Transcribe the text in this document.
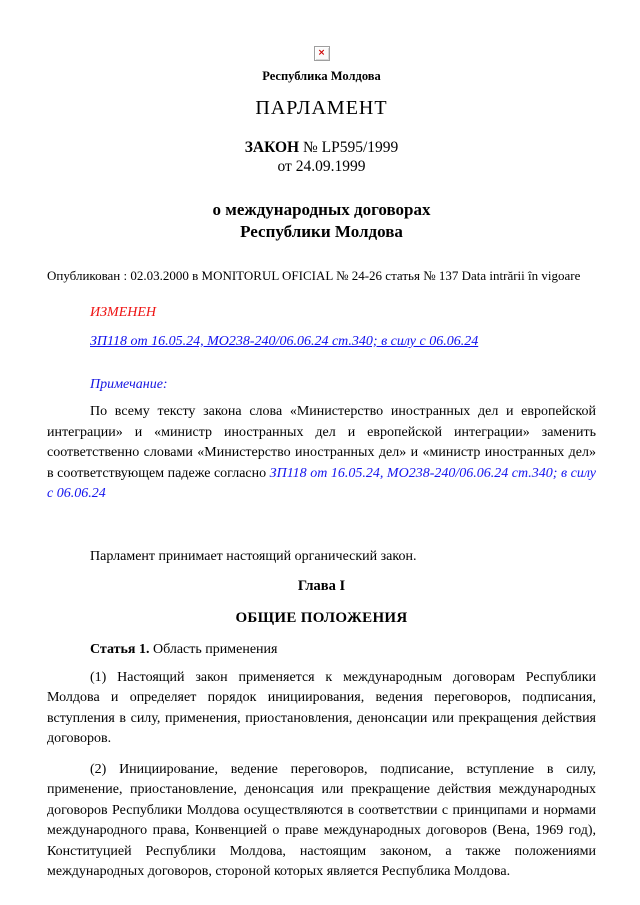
×
Республика Молдова
ПАРЛАМЕНТ
ЗАКОН № LP595/1999
от 24.09.1999
о международных договорах
Республики Молдова
Опубликован : 02.03.2000 в MONITORUL OFICIAL № 24-26 статья № 137 Data intrării în vigoare
ИЗМЕНЕН
ЗП118 от 16.05.24, MO238-240/06.06.24 ст.340; в силу с 06.06.24
Примечание:
По всему тексту закона слова «Министерство иностранных дел и европейской интеграции» и «министр иностранных дел и европейской интеграции» заменить соответственно словами «Министерство иностранных дел» и «министр иностранных дел» в соответствующем падеже согласно ЗП118 от 16.05.24, MO238-240/06.06.24 ст.340; в силу с 06.06.24
Парламент принимает настоящий органический закон.
Глава I
ОБЩИЕ ПОЛОЖЕНИЯ
Статья 1. Область применения
(1) Настоящий закон применяется к международным договорам Республики Молдова и определяет порядок инициирования, ведения переговоров, подписания, вступления в силу, применения, приостановления, денонсации или прекращения действия договоров.
(2) Инициирование, ведение переговоров, подписание, вступление в силу, применение, приостановление, денонсация или прекращение действия международных договоров Республики Молдова осуществляются в соответствии с принципами и нормами международного права, Конвенцией о праве международных договоров (Вена, 1969 год), Конституцией Республики Молдова, настоящим законом, а также положениями международных договоров, стороной которых является Республика Молдова.
